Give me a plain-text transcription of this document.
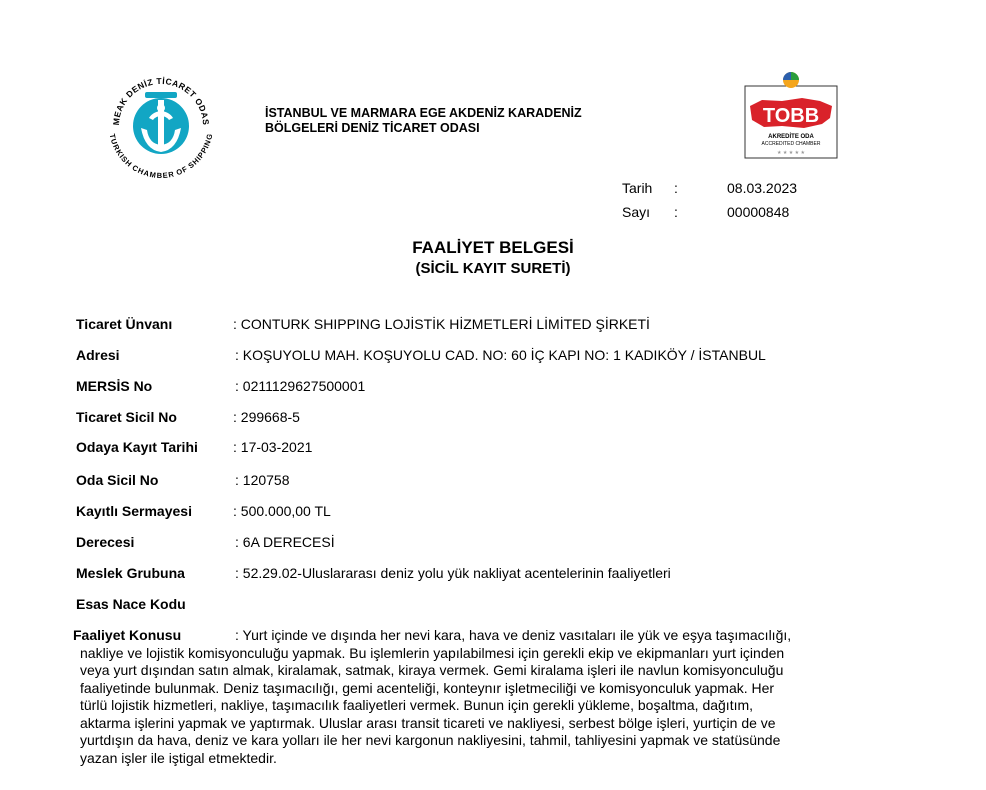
MEAK DENİZ TİCARET ODAS
TURKISH CHAMBER OF SHIPPING
İSTANBUL VE MARMARA EGE AKDENİZ KARADENİZ
BÖLGELERİ DENİZ TİCARET ODASI
TOBB
AKREDİTE ODA
ACCREDITED CHAMBER
★ ★ ★ ★ ★
Tarih	:	08.03.2023
Sayı	:	00000848
FAALİYET BELGESİ
(SİCİL KAYIT SURETİ)
Ticaret Ünvanı	: CONTURK SHIPPING LOJİSTİK HİZMETLERİ LİMİTED ŞİRKETİ
Adresi	: KOŞUYOLU MAH. KOŞUYOLU CAD. NO: 60 İÇ KAPI NO: 1 KADIKÖY / İSTANBUL
MERSİS No	: 0211129627500001
Ticaret Sicil No	: 299668-5
Odaya Kayıt Tarihi	: 17-03-2021
Oda Sicil No	: 120758
Kayıtlı Sermayesi	: 500.000,00 TL
Derecesi	: 6A DERECESİ
Meslek Grubuna	: 52.29.02-Uluslararası deniz yolu yük nakliyat acentelerinin faaliyetleri
Esas Nace Kodu
Faaliyet Konusu	: Yurt içinde ve dışında her nevi kara, hava ve deniz vasıtaları ile yük ve eşya taşımacılığı,
nakliye ve lojistik komisyonculuğu yapmak. Bu işlemlerin yapılabilmesi için gerekli ekip ve ekipmanları yurt içinden
veya yurt dışından satın almak, kiralamak, satmak, kiraya vermek. Gemi kiralama işleri ile navlun komisyonculuğu
faaliyetinde bulunmak. Deniz taşımacılığı, gemi acenteliği, konteynır işletmeciliği ve komisyonculuk yapmak. Her
türlü lojistik hizmetleri, nakliye, taşımacılık faaliyetleri vermek. Bunun için gerekli yükleme, boşaltma, dağıtım,
aktarma işlerini yapmak ve yaptırmak. Uluslar arası transit ticareti ve nakliyesi, serbest bölge işleri, yurtiçin de ve
yurtdışın da hava, deniz ve kara yolları ile her nevi kargonun nakliyesini, tahmil, tahliyesini yapmak ve statüsünde
yazan işler ile iştigal etmektedir.
